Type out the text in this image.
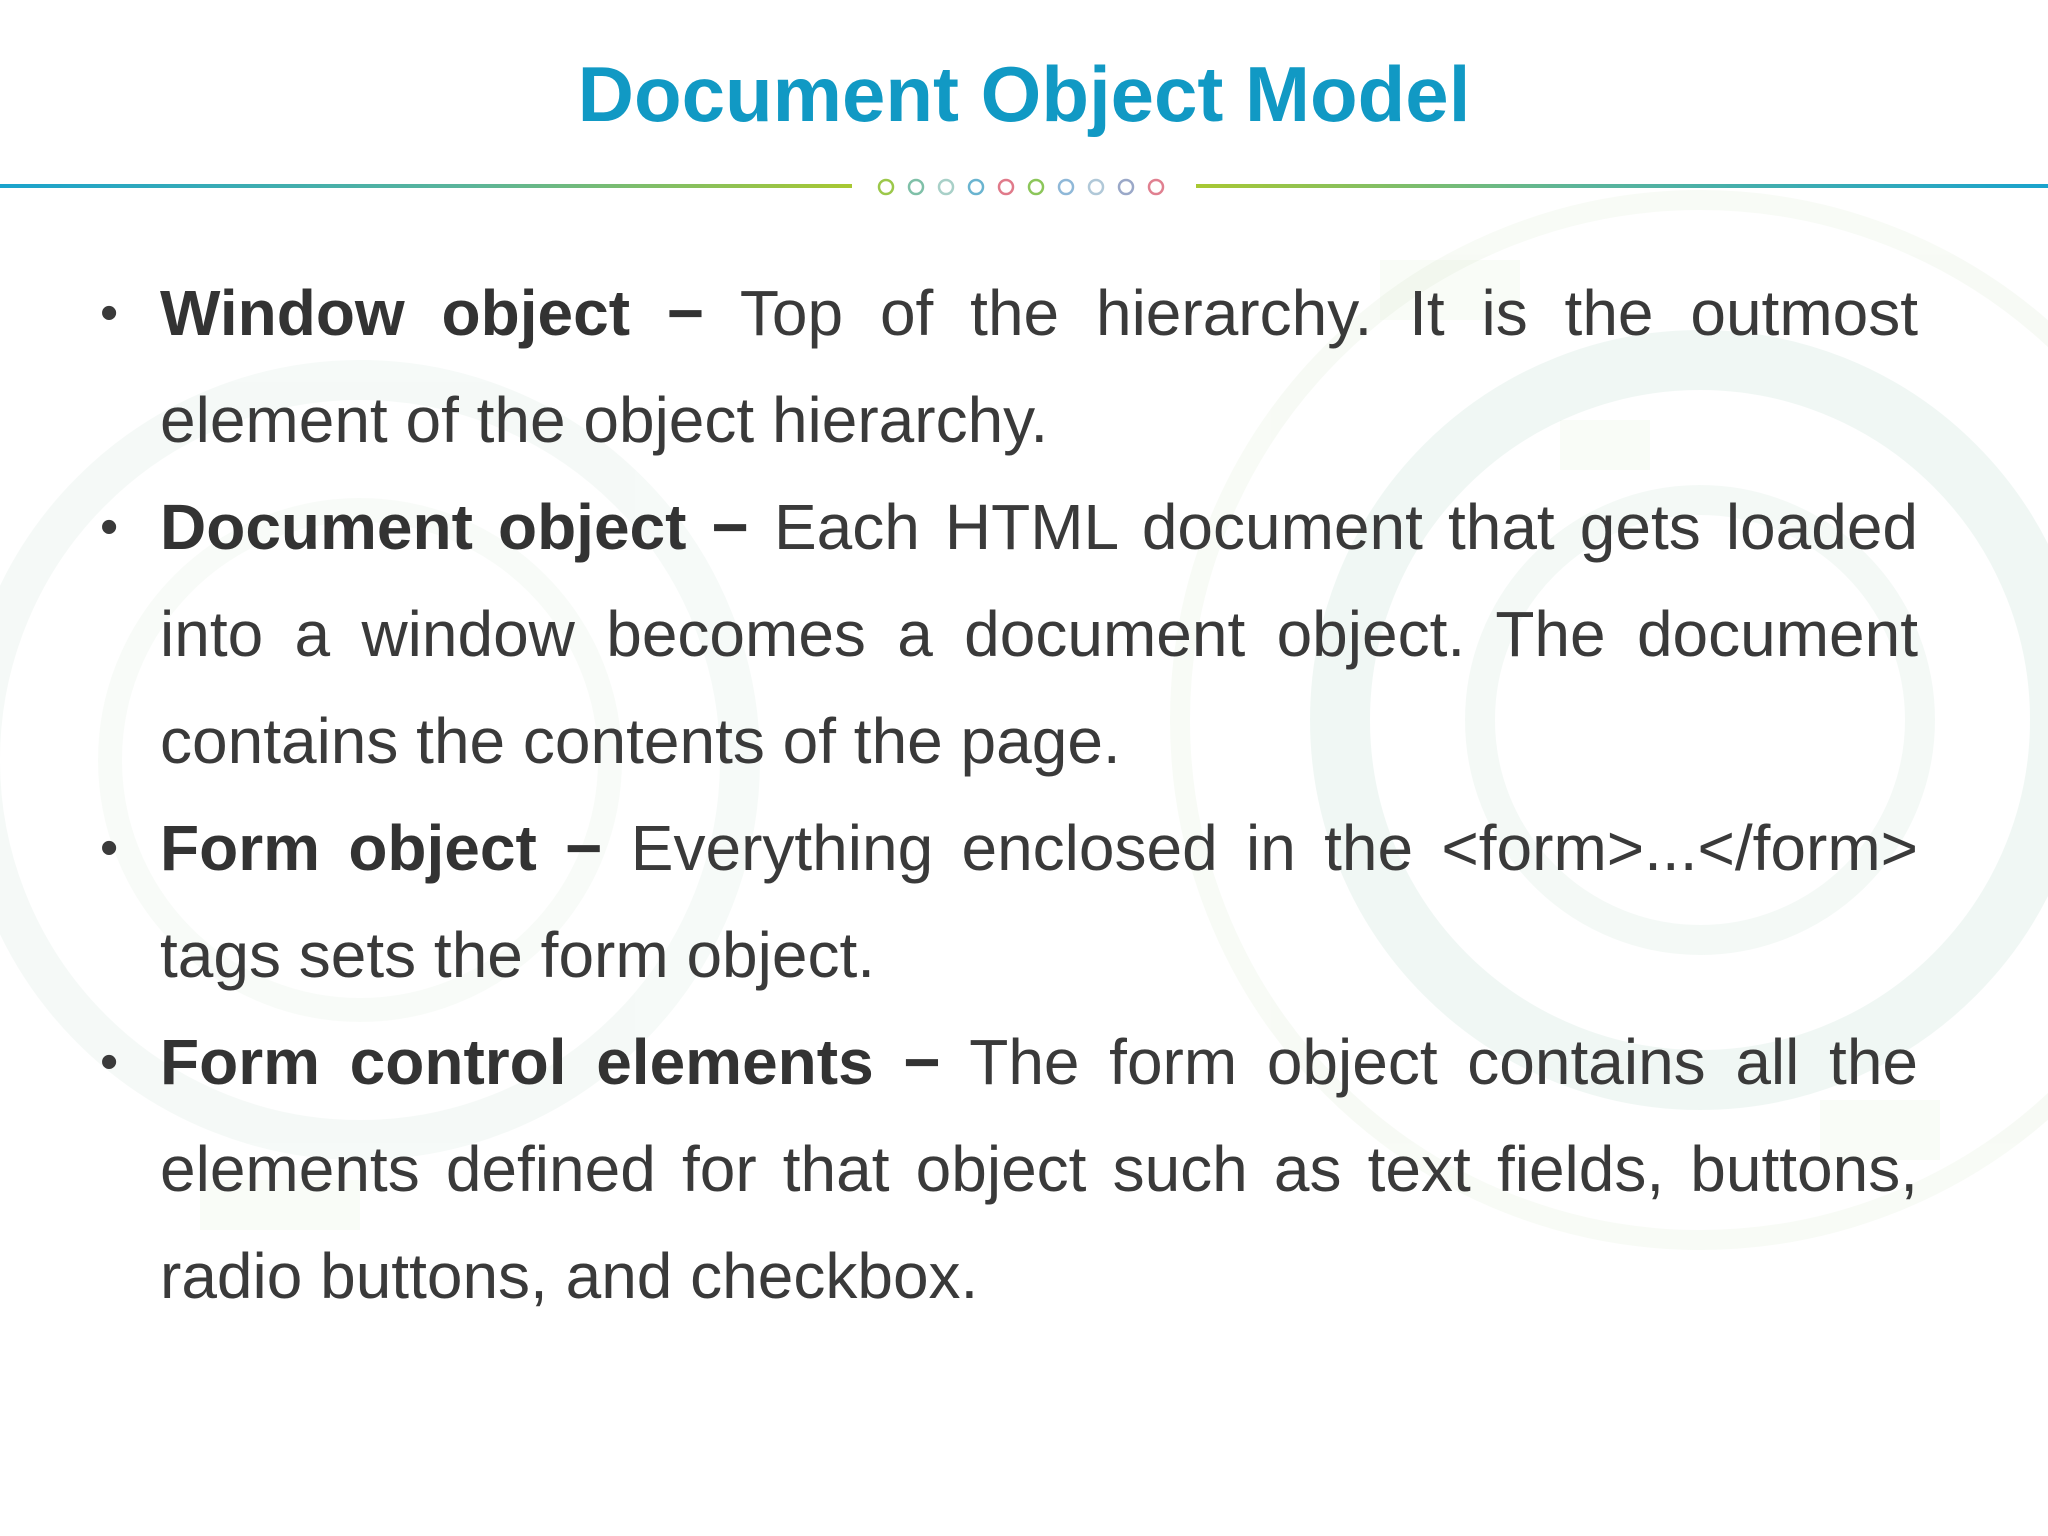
Document Object Model
• Window object − Top of the hierarchy. It is the outmost element of the object hierarchy.
• Document object − Each HTML document that gets loaded into a window becomes a document object. The document contains the contents of the page.
• Form object − Everything enclosed in the <form>...</form> tags sets the form object.
• Form control elements − The form object contains all the elements defined for that object such as text fields, buttons, radio buttons, and checkbox.
